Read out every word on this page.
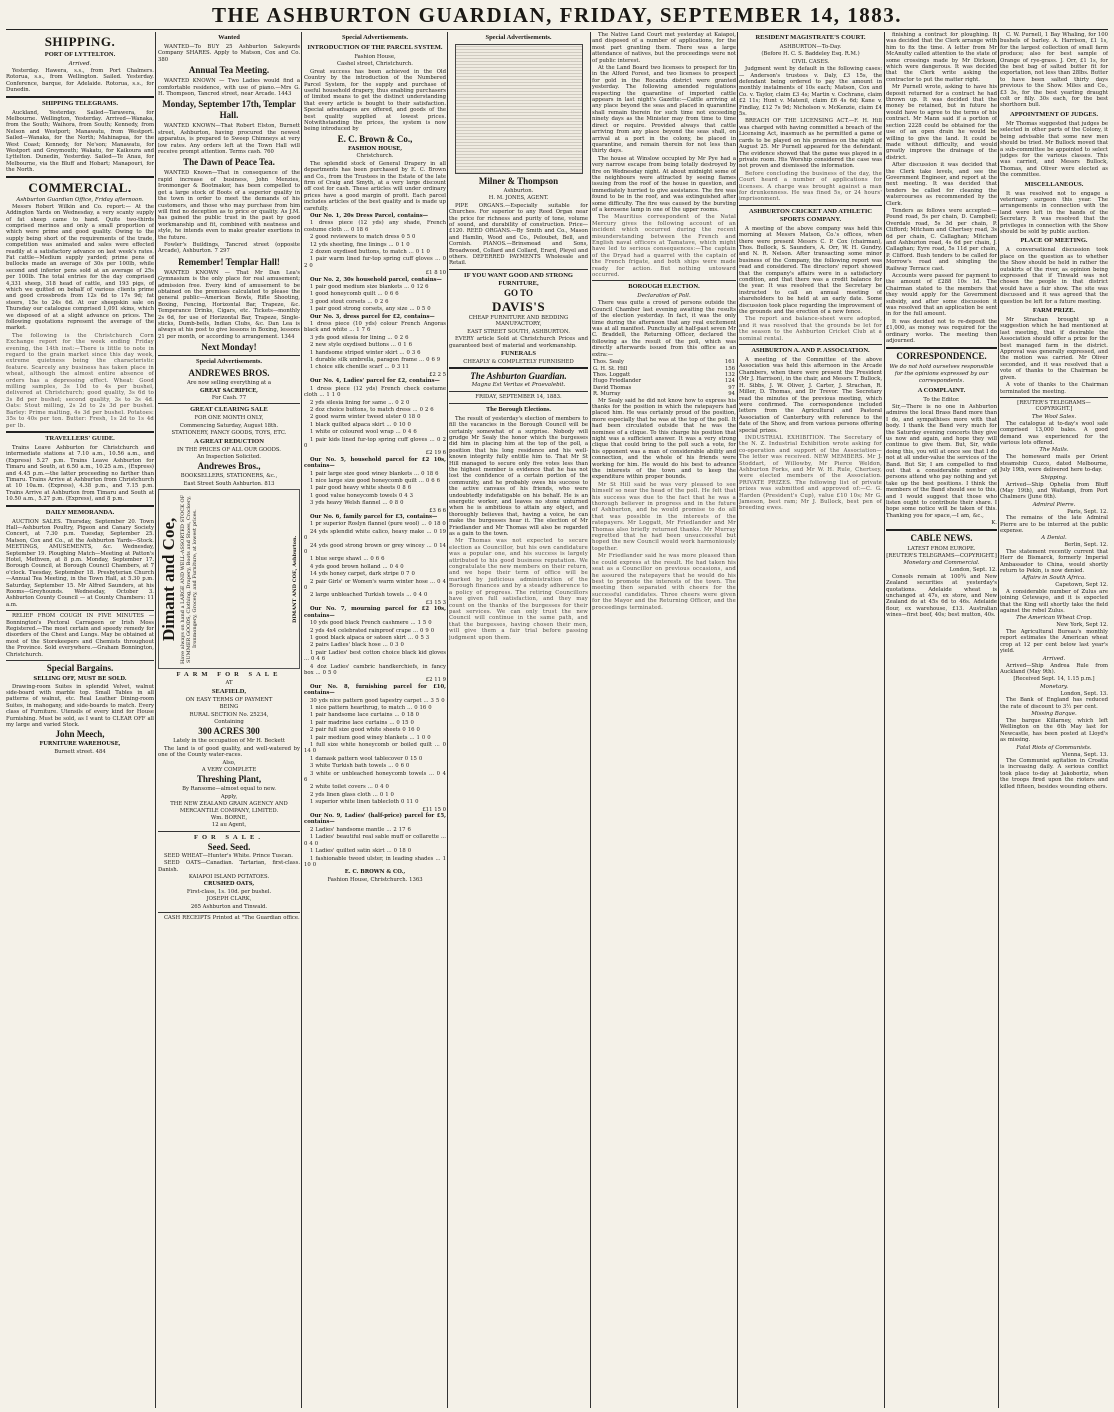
THE ASHBURTON GUARDIAN, FRIDAY, SEPTEMBER 14, 1883.
SHIPPING.
PORT OF LYTTELTON.
Arrived.
Yesterday. Hawera, s.s., from Port Chalmers. Rotorua, s.s., from Wellington. Sailed. Yesterday. Conference, barque, for Adelaide. Rotorua, s.s., for Dunedin.
SHIPPING TELEGRAMS.
Auckland, Yesterday. Sailed—Tarawera, for Melbourne. Wellington, Yesterday. Arrived—Wanaka, from the South; Waihora, from South; Kennedy, from Nelson and Westport; Manawatu, from Westport. Sailed—Wanaka, for the North; Mahinapua, for the West Coast; Kennedy, for Ne'son; Manawatu, for Westport and Greymouth; Wakatu, for Kaikoura and Lyttelton. Dunedin, Yesterday. Sailed—Te Anau, for Melbourne, via the Bluff and Hobart; Manapouri, for the North.
COMMERCIAL.
Ashburton Guardian Office, Friday afternoon.
Messrs Robert Wilkin and Co. report:— At the Addington Yards on Wednesday, a very scanty supply of fat sheep came to hand. Quite two-thirds comprised merinos and only a small proportion of which were prime and good quality. Owing to the supply being short of the requirements of the trade, competition was animated and sales were effected readily at a satisfactory advance on last week's rates. Fat cattle—Medium supply yarded; prime pens of bullocks made an average of 30s per 100lb, while second and inferior pens sold at an average of 25s per 100lb. The total entries for the day comprised 4,331 sheep, 318 head of cattle, and 193 pigs, of which we quitted on behalf of various clients prime and good crossbreds from 12s 6d to 17s 9d; fat steers, 15s to 24s 6d. At our sheepskin sale on Thursday our catalogue comprised 1,091 skins, which we disposed of at a slight advance on prices. The following quotations represent the average of the market.
The following is the Christchurch Corn Exchange report for the week ending Friday evening, the 14th inst:—There is little to note in regard to the grain market since this day week, extreme quietness being the characteristic feature. Scarcely any business has taken place in wheat, although the almost entire absence of orders has a depressing effect. Wheat: Good milling samples, 3s 10d to 4s per bushel, delivered at Christchurch; good quality, 3s 6d to 3s 8d per bushel; second quality, 3s to 3s 4d. Oats: Stout milling, 2s 2d to 2s 3d per bushel. Barley: Prime malting, 4s 3d per bushel. Potatoes: 35s to 40s per ton. Butter: Fresh, 1s 2d to 1s 4d per lb.
TRAVELLERS' GUIDE.
Trains Leave Ashburton for Christchurch and intermediate stations at 7.10 a.m., 10.56 a.m., and (Express) 5.27 p.m. Trains Leave Ashburton for Timaru and South, at 6.50 a.m., 10.25 a.m., (Express) and 4.45 p.m.—the latter proceeding no farther than Timaru. Trains Arrive at Ashburton from Christchurch at 10 10a.m. (Express), 4.38 p.m., and 7.15 p.m. Trains Arrive at Ashburton from Timaru and South at 10.50 a.m., 5.27 p.m. (Express), and 8 p.m.
DAILY MEMORANDA.
AUCTION SALES. Thursday, September 20. Town Hall—Ashburton Poultry, Pigeon and Canary Society Concert, at 7.30 p.m. Tuesday, September 25. Matson, Cox and Co., at the Ashburton Yards—Stock. MEETINGS, AMUSEMENTS, &c. Wednesday, September 19. Ploughing Match—Meeting at Patton's Hotel, Methven, at 8 p.m. Monday, September 17. Borough Council, at Borough Council Chambers, at 7 o'clock. Tuesday, September 18. Presbyterian Church—Annual Tea Meeting, in the Town Hall, at 5.30 p.m. Saturday, September 15. Mr Alfred Saunders, at his Rooms—Greyhounds. Wednesday, October 3. Ashburton County Council — at County Chambers: 11 a.m.
RELIEF FROM COUGH IN FIVE MINUTES — Bonnington's Pectoral Carrageen or Irish Moss Registered.—The most certain and speedy remedy for disorders of the Chest and Lungs. May be obtained at most of the Storekeepers and Chemists throughout the Province. Sold everywhere.—Graham Bonnington, Christchurch.
Special Bargains.
SELLING OFF, MUST BE SOLD.
Drawing-room Suites in splendid Velvet, walnut side-board with marble top. Small Tables in all patterns of walnut, etc. Real Leather Dining-room Suites, in mahogany, and side-boards to match. Every class of Furniture. Utensils of every kind for House Furnishing. Must be sold, as I want to CLEAR OFF all my large and varied Stock.
John Meech,
FURNITURE WAREHOUSE,
Burnett street. 484
Wanted
WANTED—To BUY 25 Ashburton Saleyards Company SHARES. Apply to Matson, Cox and Co. 380
Annual Tea Meeting.
WANTED KNOWN — Two Ladies would find a comfortable residence, with use of piano.—Mrs G. H. Thompson, Tancred street, near Arcade. 1443
Monday, September 17th, Templar Hall.
WANTED KNOWN—That Robert Elston, Burnett street, Ashburton, having procured the newest apparatus, is prepared to Sweep Chimneys at very low rates. Any orders left at the Town Hall will receive prompt attention. Terms cash. 760
The Dawn of Peace Tea.
WANTED Known—That in consequence of the rapid increase of business, John Menzies, Ironmonger & Bootmaker, has been compelled to get a large stock of Boots of a superior quality in the town in order to meet the demands of his customers, and those who may purchase from him will find no deception as to price or quality. As J.M. has gained the public trust in the past by good workmanship and fit, combined with neatness and style, he intends even to make greater exertions in the future.
Fowler's Buildings, Tancred street (opposite Arcade), Ashburton. 7 297
Remember! Templar Hall!
WANTED KNOWN — That Mr Dan Lea's Gymnasium is the only place for real amusement; admission free. Every kind of amusement to be obtained on the premises calculated to please the general public—American Bowls, Rifle Shooting, Boxing, Fencing, Horizontal Bar, Trapeze, &c. Temperance Drinks, Cigars, etc. Tickets—monthly 2s 6d, for use of Horizontal Bar, Trapeze, Single-sticks, Dumb-bells, Indian Clubs, &c. Dan Lea is always at his post to give lessons in Boxing, lessons 21 per month, or according to arrangement. 1344
Next Monday!
Special Advertisements.
ANDREWES BROS.
Are now selling everything at a
GREAT SACRIFICE,
For Cash. 77
GREAT CLEARING SALE
FOR ONE MONTH ONLY,
Commencing Saturday, August 18th.
STATIONERY, FANCY GOODS, TOYS, ETC.
A GREAT REDUCTION
IN THE PRICES OF ALL OUR GOODS.
An Inspection Solicited.
Andrewes Bros.,
BOOKSELLERS, STATIONERS, &c.,
East Street South Ashburton. 813
Dimant and Coe, Have always on hand a LARGE AND WELL-ASSORTED STOCK OF SUMMER GOODS, Clothing, Drapery, Boots and Shoes, Crockery, Ironmongery, Grocery, and Furniture, at lowest prices.	DIMANT AND COE, Ashburton.
FARM FOR SALE
AT
SEAFIELD,
ON EASY TERMS OF PAYMENT
BEING
RURAL SECTION No. 25234,
Containing
300 ACRES 300
Lately in the occupation of Mr H. Beckett
The land is of good quality, and well-watered by one of the County water-races.
Also,
A VERY COMPLETE
Threshing Plant,
By Ransome—almost equal to new.
Apply,
THE NEW ZEALAND GRAIN AGENCY AND MERCANTILE COMPANY, LIMITED.
Wm. BORNE,
12 au Agent,
FOR SALE.
Seed. Seed.
SEED WHEAT—Hunter's White. Prince Tuscan.
SEED OATS—Canadian. Tartarian, first-class. Danish.
KAIAPOI ISLAND POTATOES.
CRUSHED OATS,
First-class, 1s. 10d. per bushel.
JOSEPH CLARK,
265 Ashburton and Tinwald.
CASH RECEIPTS Printed at "The Guardian office.
Special Advertisements.
INTRODUCTION OF THE PARCEL SYSTEM.
Fashion House,
Cashel street, Christchurch.
Great success has been achieved in the Old Country by the introduction of the Numbered Parcel System, for the supply and purchase of useful household drapery, thus enabling purchasers of limited means to get the distinct understanding that every article is bought to their satisfaction. Special advantages are offered, and goods of the best quality supplied at lowest prices. Notwithstanding the prices, the system is now being introduced by
E. C. Brown & Co.,
FASHION HOUSE,
Christchurch.
The splendid stock of General Drapery in all departments has been purchased by E. C. Brown and Co., from the Trustees in the Estate of the late firm of Craig and Smyth, at a very large discount off cost for cash. These articles will under ordinary prices have a good margin of profit. Each parcel includes articles of the best quality and is made up carefully.
Our No. 1, 20s Dress Parcel, contains—
1 dress piece (12 yds) any shade, French costume cloth ... 0 18 6
2 good reviewers to match dress 0 5 0
12 yds sheeting, fine linings ... 0 1 0
2 dozen oxydised buttons, to match ... 0 1 0
1 pair warm lined fur-top spring cuff gloves ... 0 2 0
£1 8 10
Our No. 2, 30s household parcel, contains—
1 pair good medium size blankets ... 0 12 6
1 good honeycomb quilt ... 0 6 6
3 good stout corsets ... 0 2 6
1 pair good strong corsets, any size ... 0 5 0
Our No. 3, dress parcel for £2, contains—
1 dress piece (10 yds) colour French Angoras black and white ... 1 7 6
3 yds good silesia for lining ... 0 2 6
2 new style oxydised buttons ... 0 1 6
1 handsome striped winter skirt ... 0 3 6
1 durable silk umbrella, paragon frame ... 0 6 9
1 choice silk chenille scarf ... 0 3 11
£2 2 5
Our No. 4, Ladies' parcel for £2, contains—
1 dress piece (12 yds) French check costume cloth ... 1 1 0
2 yds silesia lining for same ... 0 2 0
2 doz choice buttons, to match dress ... 0 2 6
2 good warm winter tweed ulster 0 18 0
1 black quilted alpaca skirt ... 0 10 0
1 white or coloured wool wrap ... 0 4 6
1 pair kids lined fur-top spring cuff gloves ... 0 2 0
£2 19 6
Our No. 5, household parcel for £2 10s, contains—
1 pair large size good winey blankets ... 0 18 6
1 nice large size good honeycomb quilt ... 0 6 6
1 pair good heavy white sheets 0 8 6
1 good value honeycomb towels 0 4 3
3 yds heavy Welsh flannel ... 0 8 0
£3 6 6
Our No. 6, family parcel for £3, contains—
1 pr superior Roslyn flannel (pure wool) ... 0 18 0
24 yds splendid white calico, heavy make ... 0 19 0
24 yds good strong brown or grey wincey ... 0 14 0
1 blue serge shawl ... 0 6 6
4 yds good brown holland ... 0 4 0
14 yds honey carpet, dark stripe 0 7 0
2 pair Girls' or Women's warm winter hose ... 0 4 0
2 large unbleached Turkish towels ... 0 4 0
£3 15 3
Our No. 7, mourning parcel for £2 10s, contains—
10 yds good black French cashmere ... 1 5 0
2 yds 4x4 celebrated rainproof crape ... 0 9 0
1 good black alpaca or sateen skirt ... 0 5 3
2 pairs Ladies' black hose ... 0 3 0
1 pair Ladies' best cotton choice black kid gloves ... 0 4 6
4 doz Ladies' cambric handkerchiefs, in fancy box ... 0 5 0
£2 11 9
Our No. 8, furnishing parcel for £10, contains—
30 yds nice pattern good tapestry carpet ... 3 5 0
1 nice pattern hearthrug, to match ... 0 16 0
1 pair handsome lace curtains ... 0 18 0
1 pair madrine lace curtains ... 0 15 0
2 pair full size good white sheets 0 16 0
1 pair medium good winey blankets ... 1 0 0
1 full size white honeycomb or boiled quilt ... 0 14 0
1 damask pattern wool tablecover 0 15 0
3 white Turkish bath towels ... 0 6 0
3 white or unbleached honeycomb towels ... 0 4 6
2 white toilet covers ... 0 4 0
2 yds linen glass cloth ... 0 1 0
1 superior white linen tablecloth 0 11 0
£11 15 0
Our No. 9, Ladies' (half-price) parcel for £5, contains—
2 Ladies' handsome mantle ... 2 17 6
1 Ladies' beautiful real sable muff or collarette ... 0 4 0
1 Ladies' quilted satin skirt ... 0 18 0
1 fashionable tweed ulster, in leading shades ... 1 10 0
E. C. BROWN & CO.,
Fashion House, Christchurch. 1363
Special Advertisements.
Milner & Thompson
Ashburton.
H. M. JONES, AGENT.
PIPE ORGANS.—Especially suitable for Churches. For superior to any Reed Organ near the price for richness and purity of tone, volume of sound, and durability of construction. Price—£120. REED ORGANS.—By Smith and Co., Mason and Hamlin, Wood and Co., Peloubet, Bell, and Cornish. PIANOS.—Brinsmead and Sons, Broadwood, Collard and Collard, Erard, Pleyel and others. DEFERRED PAYMENTS Wholesale and Retail.
IF YOU WANT GOOD AND STRONG FURNITURE,
GO TO
DAVIS'S
CHEAP FURNITURE AND BEDDING MANUFACTORY,
EAST STREET SOUTH, ASHBURTON.
EVERY article Sold at Christchurch Prices and guaranteed best of material and workmanship.
FUNERALS
CHEAPLY & COMPLETELY FURNISHED
The Ashburton Guardian.
Magna Est Veritas et Praevalebit.
FRIDAY, SEPTEMBER 14, 1883.
The Borough Elections.
The result of yesterday's election of members to fill the vacancies in the Borough Council will be certainly somewhat of a surprise. Nobody will grudge Mr Sealy the honor which the burgesses did him in placing him at the top of the poll, a position that his long residence and his well-known integrity fully entitle him to. That Mr St Hill managed to secure only five votes less than the highest member is evidence that he has not lost the confidence of a certain portion of the community, and he probably owes his success to the active canvass of his friends, who were undoubtedly indefatigable on his behalf. He is an energetic worker, and leaves no stone unturned when he is ambitious to attain any object, and thoroughly believes that, having a voice, he can make the burgesses hear it. The election of Mr Friedlander and Mr Thomas will also be regarded as a gain to the town.
Mr Thomas was not expected to secure election as Councillor, but his own candidature was a popular one, and his success is largely attributed to his good business reputation. We congratulate the new members on their return, and we hope their term of office will be marked by judicious administration of the Borough finances and by a steady adherence to a policy of progress. The retiring Councillors have given full satisfaction, and they may count on the thanks of the burgesses for their past services. We can only trust the new Council will continue in the same path, and that the burgesses, having chosen their men, will give them a fair trial before passing judgment upon them.
The Native Land Court met yesterday at Kaiapoi, and disposed of a number of applications, for the most part granting them. There was a large attendance of natives, but the proceedings were not of public interest.
At the Land Board two licenses to prospect for tin in the Alford Forest, and two licenses to prospect for gold in the Rocanta district were granted yesterday. The following amended regulations respecting the quarantine of imported cattle appears in last night's Gazette:—Cattle arriving at any place beyond the seas and placed in quarantine shall remain therein for such time not exceeding ninety days as the Minister may from time to time direct or require. Provided always that cattle arriving from any place beyond the seas shall, on arrival at a port in the colony, be placed in quarantine, and remain therein for not less than thirty days.
The house at Winslow occupied by Mr Pye had a very narrow escape from being totally destroyed by fire on Wednesday night. At about midnight some of the neighbours were attracted by seeing flames issuing from the roof of the house in question, and immediately hurried to give assistance. The fire was found to be in the roof, and was extinguished after some difficulty. The fire was caused by the bursting of a kerosene lamp in one of the upper rooms.
The Mauritius correspondent of the Natal Mercury gives the following account of an incident which occurred during the recent misunderstanding between the French and English naval officers at Tamatave, which might have led to serious consequences:—The captain of the Dryad had a quarrel with the captain of the French frigate, and both ships were made ready for action. But nothing untoward occurred.
BOROUGH ELECTION.
Declaration of Poll.
There was quite a crowd of persons outside the Council Chamber last evening awaiting the results of the election yesterday. In fact, it was the only time during the afternoon that any real excitement was at all manifest. Punctually at half-past seven Mr C. Braddell, the Returning Officer, declared the following as the result of the poll, which was directly afterwards issued from this office as an extra:—
Thos. Sealy	161
G. H. St. Hill	156
Thos. Loggatt	132
Hugo Friedlander	124
David Thomas	97
R. Murray	94
Mr Sealy said he did not know how to express his thanks for the position in which the ratepayers had placed him. He was certainly proud of the position, more especially that he was at the top of the poll. It had been circulated outside that he was the nominee of a clique. To this charge his position that night was a sufficient answer. It was a very strong clique that could bring to the poll such a vote, for his opponent was a man of considerable ability and connection, and the whole of his friends were working for him. He would do his best to advance the interests of the town and to keep the expenditure within proper bounds.
Mr St Hill said he was very pleased to see himself so near the head of the poll. He felt that his success was due to the fact that he was a thorough believer in progress and in the future of Ashburton, and he would promise to do all that was possible in the interests of the ratepayers. Mr Loggatt, Mr Friedlander and Mr Thomas also briefly returned thanks. Mr Murray regretted that he had been unsuccessful but hoped the new Council would work harmoniously together.
Mr Friedlander said he was more pleased than he could express at the result. He had taken his seat as a Councillor on previous occasions, and he assured the ratepayers that he would do his best to promote the interests of the town. The meeting then separated with cheers for the successful candidates. Three cheers were given for the Mayor and the Returning Officer, and the proceedings terminated.
RESIDENT MAGISTRATE'S COURT.
ASHBURTON—To-Day.
(Before H. C. S. Baddeley Esq. R.M.)
CIVIL CASES.
Judgment went by default in the following cases:— Anderson's trustees v. Daly, £3 15s, the defendant being ordered to pay the amount in monthly instalments of 10s each; Matson, Cox and Co. v. Taylor, claim £3 4s; Martin v. Cochrane, claim £2 11s; Hunt v. Matenil, claim £6 4s 6d; Kane v. Findlay, £12 7s 9d; Nicholson v. McKenzie, claim £4 5s.
BREACH OF THE LICENSING ACT.—F. H. Hill was charged with having committed a breach of the Licensing Act, inasmuch as he permitted a game of cards to be played on his premises on the night of August 25. Mr Purnell appeared for the defendant. The evidence showed that the game was played in a private room. His Worship considered the case was not proven and dismissed the information.
Before concluding the business of the day, the Court heard a number of applications for licenses. A charge was brought against a man for drunkenness. He was fined 5s, or 24 hours' imprisonment.
ASHBURTON CRICKET AND ATHLETIC SPORTS COMPANY.
A meeting of the above company was held this morning at Messrs Matson, Co.'s offices, when there were present Messrs C. P. Cox (chairman), Thos. Bullock, S. Saunders, A. Orr, W. H. Gundry, and N. R. Nelson. After transacting some minor business of the Company, the following report was read and considered. The directors' report showed that the company's affairs were in a satisfactory condition, and that there was a credit balance for the year. It was resolved that the Secretary be instructed to call an annual meeting of shareholders to be held at an early date. Some discussion took place regarding the improvement of the grounds and the erection of a new fence.
The report and balance-sheet were adopted, and it was resolved that the grounds be let for the season to the Ashburton Cricket Club at a nominal rental.
ASHBURTON A. AND P. ASSOCIATION.
A meeting of the Committee of the above Association was held this afternoon in the Arcade Chambers, when there were present the President (Mr J. Harrison), in the chair, and Messrs T. Bullock, H. Sibbs, J. W. Oliver, J. Carter, J. Strachan, R. Miller, D. Thomas, and Dr Trevor. The Secretary read the minutes of the previous meeting, which were confirmed. The correspondence included letters from the Agricultural and Pastoral Association of Canterbury with reference to the date of the Show, and from various persons offering special prizes.
INDUSTRIAL EXHIBITION. The Secretary of the N. Z. Industrial Exhibition wrote asking for co-operation and support of the Association—The letter was received. NEW MEMBERS. Mr J. Stoddart, of Willowby, Mr Pierce Weldon, Ashburton Forks, and Mr W. H. Rule, Chertsey, were elected members of the Association. PRIVATE PRIZES. The following list of private prizes was submitted and approved of:—C. G. Harden (President's Cup), value £10 10s; Mr G. Jameson, best ram; Mr J. Bullock, best pen of breeding ewes.
finishing a contract for ploughing. It was decided that the Clerk arrange with him to fix the time. A letter from Mr McAnulty called attention to the state of some crossings made by Mr Dickson, which were dangerous. It was decided that the Clerk write asking the contractor to put the matter right.
Mr Purnell wrote, asking to have his deposit returned for a contract he had thrown up. It was decided that the money be retained, but in future he would have to agree to the terms of his contract. Mr Mann said if a portion of section 2228 could be obtained for the use of an open drain he would be willing to give the land. It could be made without difficulty, and would greatly improve the drainage of the district.
After discussion it was decided that the Clerk take levels, and see the Government Engineer, and report at the next meeting. It was decided that tenders be called for cleaning the watercourses as recommended by the Clerk.
Tenders as follows were accepted:—Pound road, 5s per chain, D. Campbell; Overdale road, 5s 3d per chain, P. Clifford; Mitcham and Chertsey road, 3s 6d per chain, C. Callaghan; Mitcham and Ashburton road, 4s 6d per chain, J. Callaghan; Eyre road, 5s 11d per chain, P. Clifford. Bush tenders to be called for Morrow's road and shingling the Railway Terrace cast.
Accounts were passed for payment to the amount of £288 10s 1d. The Chairman stated to the members that they would apply for the Government subsidy, and after some discussion it was resolved that an application be sent in for the full amount.
It was decided not to re-deposit the £1,000, as money was required for the ordinary works. The meeting then adjourned.
CORRESPONDENCE.
We do not hold ourselves responsible for the opinions expressed by our correspondents.
A COMPLAINT.
To the Editor.
Sir,—There is no one in Ashburton admires the local Brass Band more than I do, and sympathises more with that body. I thank the Band very much for the Saturday evening concerts they give us now and again, and hope they will continue to give them. But, Sir, while doing this, you will at once see that I do not at all under-value the services of the Band. But Sir, I am compelled to find out that a considerable number of persons attend who pay nothing and yet take up the best positions. I think the members of the Band should see to this, and I would suggest that those who listen ought to contribute their share. I hope some notice will be taken of this. Thanking you for space,—I am, &c.,
K.
CABLE NEWS.
LATEST FROM EUROPE.
[REUTER'S TELEGRAMS—COPYRIGHT.]
Monetary and Commercial.
London, Sept. 12.
Consols remain at 100¾ and New Zealand securities at yesterday's quotations. Adelaide wheat is unchanged at 47s, ex store, and New Zealand do at 45s 6d to 46s. Adelaide flour, ex warehouse, £13. Australian wines—first beef, 40s; best mutton, 40s.
C. W. Purnell, 1 Bay Whaling, for 100 bushels of barley. A. Harrison, £1 1s, for the largest collection of small farm produce; also for best sample of Orange of rye-grass. J. Orr, £1 1s, for the best bag of salted butter fit for exportation, not less than 28lbs. Butter to have been salted thirty days previous to the Show. Miles and Co., £3 3s, for the best yearling draught colt or filly. 30s each, for the best shorthorn bull.
APPOINTMENT OF JUDGES.
Mr Thomas suggested that judges be selected in other parts of the Colony, it being advisable that some new men should be tried. Mr Bullock moved that a sub-committee be appointed to select judges for the various classes. This was carried, and Messrs Bullock, Thomas, and Oliver were elected as the committee.
MISCELLANEOUS.
It was resolved not to engage a veterinary surgeon this year. The arrangements in connection with the land were left in the hands of the Secretary. It was resolved that the privileges in connection with the Show should be sold by public auction.
PLACE OF MEETING.
A conversational discussion took place on the question as to whether the Show should be held in rather the outskirts of the river, as opinion being expressed that if Tinwald was not chosen the people in that district would have a fair show. The site was discussed and it was agreed that the question be left for a future meeting.
FARM PRIZE.
Mr Strachan brought up a suggestion which he had mentioned at last meeting, that if desirable the Association should offer a prize for the best managed farm in the district. Approval was generally expressed, and the motion was carried. Mr Oliver seconded, and it was resolved that a vote of thanks to the Chairman be given.
A vote of thanks to the Chairman terminated the meeting.
[REUTER'S TELEGRAMS—COPYRIGHT.]
The Wool Sales.
The catalogue at to-day's wool sale comprised 13,000 bales. A good demand was experienced for the various lots offered.
The Mails.
The homeward mails per Orient steamship Cuzco, dated Melbourne, July 19th, were delivered here to-day.
Shipping.
Arrived—Ship Ophelia from Bluff (May 19th), and Waitangi, from Port Chalmers (June 6th).
Admiral Pierre.
Paris, Sept. 12.
The remains of the late Admiral Pierre are to be interred at the public expense.
A Denial.
Berlin, Sept. 12.
The statement recently current that Herr de Bismarck, formerly Imperial Ambassador to China, would shortly return to Pekin, is now denied.
Affairs in South Africa.
Capetown, Sept 12.
A considerable number of Zulus are joining Cetewayo, and it is expected that the King will shortly take the field against the rebel Zulus.
The American Wheat Crop.
New York, Sept 12.
The Agricultural Bureau's monthly report estimates the American wheat crop at 12 per cent below last year's yield.
Arrived.
Arrived—Ship Andrea Rule from Auckland (May 9th).
[Received Sept. 14, 1.15 p.m.]
Monetary.
London, Sept. 13.
The Bank of England has reduced the rate of discount to 3½ per cent.
Missing Barque.
The barque Killarney, which left Wellington on the 6th May last for Newcastle, has been posted at Lloyd's as missing.
Fatal Riots of Communists.
Vienna, Sept. 13.
The Communist agitation in Croatia is increasing daily. A serious conflict took place to-day at Jakobortiz, when the troops fired upon the rioters and killed fifteen, besides wounding others.
